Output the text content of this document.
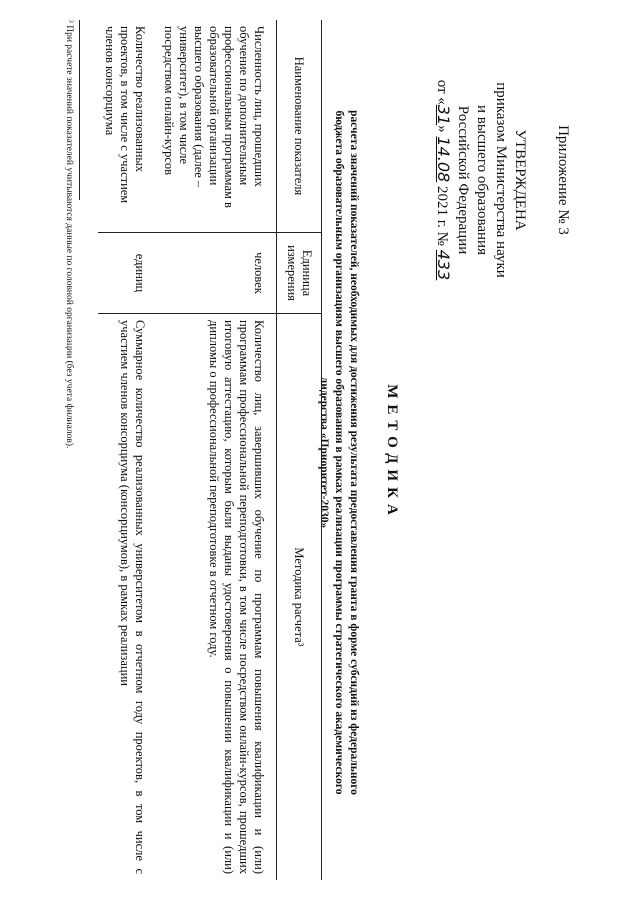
Приложение № 3
УТВЕРЖДЕНА
приказом Министерства науки
и высшего образования
Российской Федерации
от «31» 14.08 2021 г. № 433
МЕТОДИКА
расчета значений показателей, необходимых для достижения результата предоставления гранта в форме субсидий из федерального бюджета образовательным организациям высшего образования в рамках реализации программы стратегического академического лидерства «Приоритет-2030»
Наименование показателя	Единица измерения	Методика расчета³
Численность лиц, прошедших обучение по дополнительным профессиональным программам в образовательной организации высшего образования (далее – университет), в том числе посредством онлайн-курсов	человек	Количество лиц, завершивших обучение по программам повышения квалификации и (или) программам профессиональной переподготовки, в том числе посредством онлайн-курсов, прошедших итоговую аттестацию, которым были выданы удостоверения о повышении квалификации и (или) дипломы о профессиональной переподготовке в отчетном году.
Количество реализованных проектов, в том числе с участием членов консорциума	единиц	Суммарное количество реализованных университетом в отчетном году проектов, в том числе с участием членов консорциума (консорциумов), в рамках реализации
³ При расчете значений показателей учитываются данные по головной организации (без учета филиалов).
